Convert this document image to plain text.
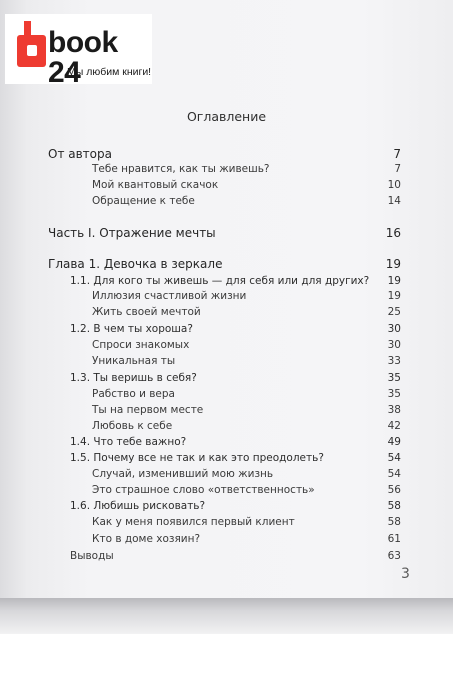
book 24
Мы любим книги!
Оглавление
От автора	7
Тебе нравится, как ты живешь?	7
Мой квантовый скачок	10
Обращение к тебе	14
Часть I. Отражение мечты	16
Глава 1. Девочка в зеркале	19
1.1. Для кого ты живешь — для себя или для других? 19
Иллюзия счастливой жизни	19
Жить своей мечтой	25
1.2. В чем ты хороша?	30
Спроси знакомых	30
Уникальная ты	33
1.3. Ты веришь в себя?	35
Рабство и вера	35
Ты на первом месте	38
Любовь к себе	42
1.4. Что тебе важно?	49
1.5. Почему все не так и как это преодолеть?	54
Случай, изменивший мою жизнь	54
Это страшное слово «ответственность»	56
1.6. Любишь рисковать?	58
Как у меня появился первый клиент	58
Кто в доме хозяин?	61
Выводы	63
3
